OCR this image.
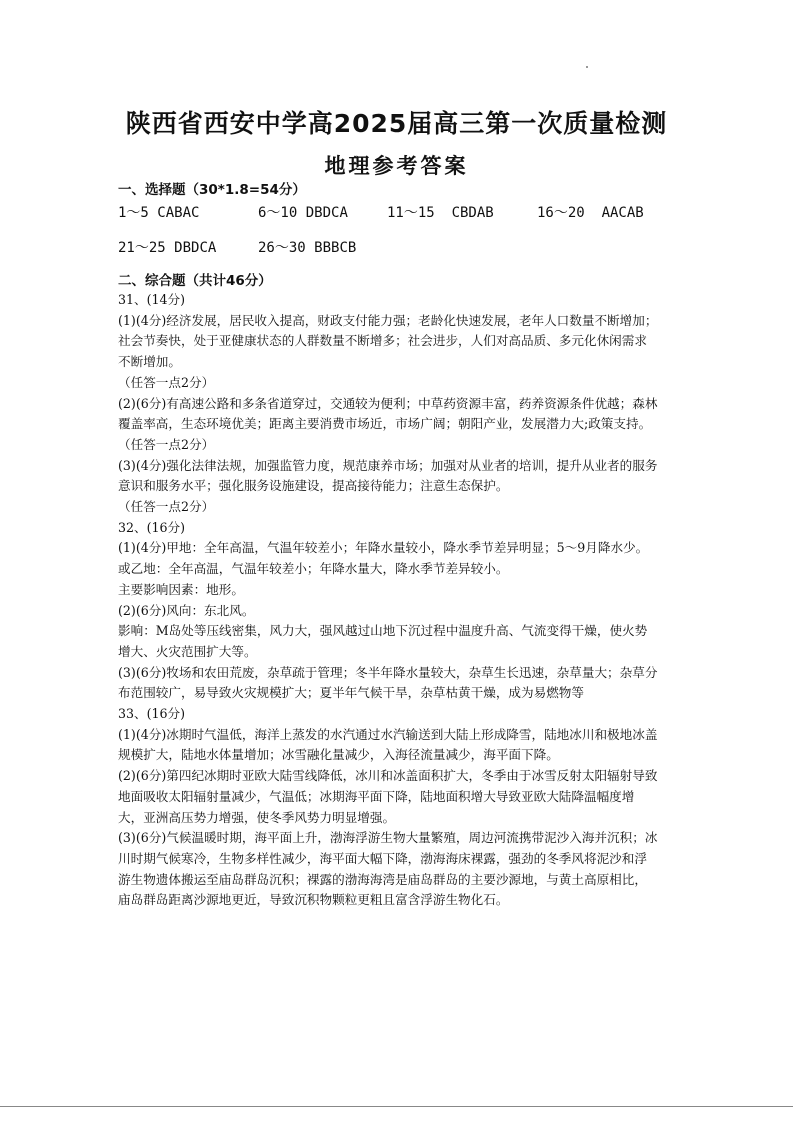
陕西省西安中学高2025届高三第一次质量检测
地理参考答案
一、选择题（30*1.8=54分）
1～5 CABAC	6～10 DBDCA	11～15 CBDAB	16～20 AACAB
21～25 DBDCA	26～30 BBBCB
二、综合题（共计46分）

31、(14分)

(1)(4分)经济发展，居民收入提高，财政支付能力强；老龄化快速发展，老年人口数量不断增加；社会节奏快，处于亚健康状态的人群数量不断增多；社会进步，人们对高品质、多元化休闲需求不断增加。

（任答一点2分）

(2)(6分)有高速公路和多条省道穿过，交通较为便利；中草药资源丰富，药养资源条件优越；森林覆盖率高，生态环境优美；距离主要消费市场近，市场广阔；朝阳产业，发展潜力大;政策支持。

（任答一点2分）

(3)(4分)强化法律法规，加强监管力度，规范康养市场；加强对从业者的培训，提升从业者的服务意识和服务水平；强化服务设施建设，提高接待能力；注意生态保护。

（任答一点2分）

32、(16分)

(1)(4分)甲地：全年高温，气温年较差小；年降水量较小，降水季节差异明显；5～9月降水少。

或乙地：全年高温，气温年较差小；年降水量大，降水季节差异较小。

主要影响因素：地形。

(2)(6分)风向：东北风。

影响：M岛处等压线密集，风力大，强风越过山地下沉过程中温度升高、气流变得干燥，使火势增大、火灾范围扩大等。

(3)(6分)牧场和农田荒废，杂草疏于管理；冬半年降水量较大，杂草生长迅速，杂草量大；杂草分布范围较广，易导致火灾规模扩大；夏半年气候干旱，杂草枯黄干燥，成为易燃物等

33、(16分)

(1)(4分)冰期时气温低，海洋上蒸发的水汽通过水汽输送到大陆上形成降雪，陆地冰川和极地冰盖规模扩大，陆地水体量增加；冰雪融化量减少，入海径流量减少，海平面下降。

(2)(6分)第四纪冰期时亚欧大陆雪线降低，冰川和冰盖面积扩大，冬季由于冰雪反射太阳辐射导致地面吸收太阳辐射量减少，气温低；冰期海平面下降，陆地面积增大导致亚欧大陆降温幅度增大，亚洲高压势力增强，使冬季风势力明显增强。

(3)(6分)气候温暖时期，海平面上升，渤海浮游生物大量繁殖，周边河流携带泥沙入海并沉积；冰川时期气候寒冷，生物多样性减少，海平面大幅下降，渤海海床裸露，强劲的冬季风将泥沙和浮游生物遗体搬运至庙岛群岛沉积；裸露的渤海海湾是庙岛群岛的主要沙源地，与黄土高原相比，庙岛群岛距离沙源地更近，导致沉积物颗粒更粗且富含浮游生物化石。
